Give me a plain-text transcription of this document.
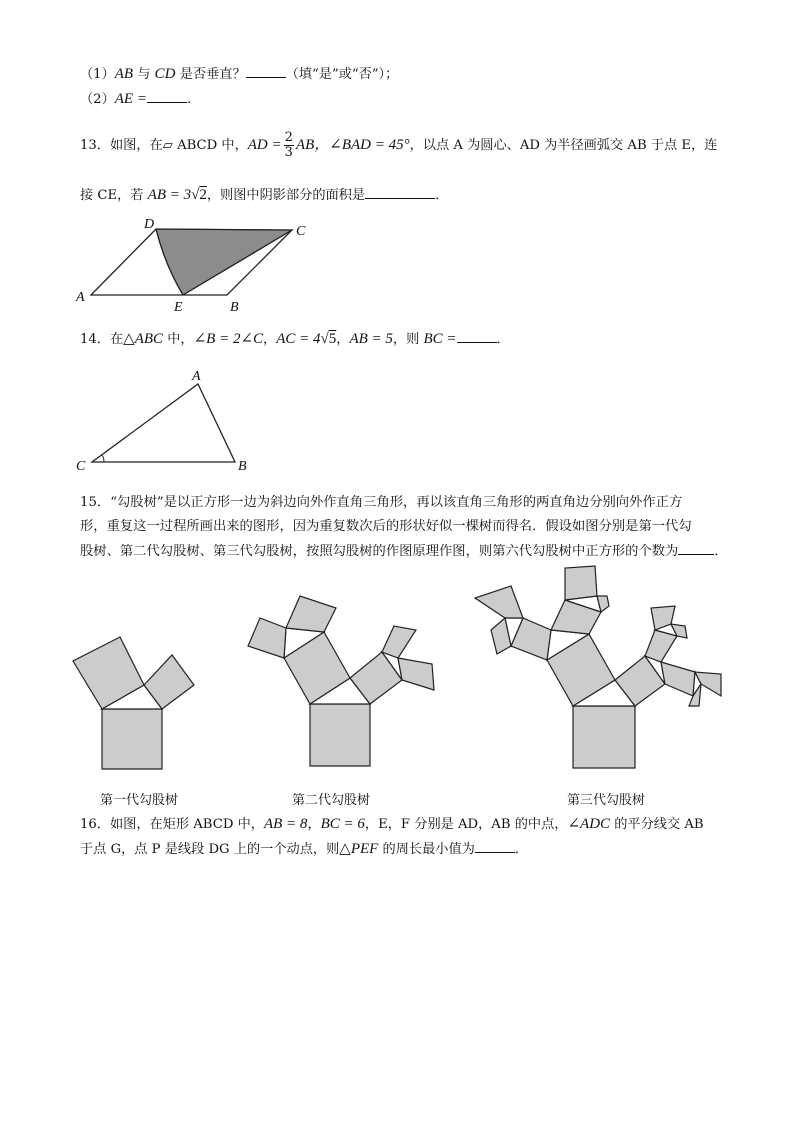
（1）AB 与 CD 是否垂直？	（填“是”或“否”）；
（2）AE =	.
13．如图，在▱ ABCD 中，AD = $\frac{2}{3}$ AB，∠BAD = 45°，以点 A 为圆心、AD 为半径画弧交 AB 于点 E，连
接 CE，若 AB = 3√2，则图中阴影部分的面积是	．
D	C
A
E	B
14．在△ABC 中，∠B = 2∠C，AC = 4√5，AB = 5，则 BC =	．
A
C	B
15．“勾股树”是以正方形一边为斜边向外作直角三角形，再以该直角三角形的两直角边分别向外作正方
形，重复这一过程所画出来的图形，因为重复数次后的形状好似一棵树而得名．假设如图分别是第一代勾
股树、第二代勾股树、第三代勾股树，按照勾股树的作图原理作图，则第六代勾股树中正方形的个数为	．
第一代勾股树	第二代勾股树	第三代勾股树
16．如图，在矩形 ABCD 中，AB = 8，BC = 6，E，F 分别是 AD，AB 的中点，∠ADC 的平分线交 AB
于点 G，点 P 是线段 DG 上的一个动点，则△PEF 的周长最小值为	．
